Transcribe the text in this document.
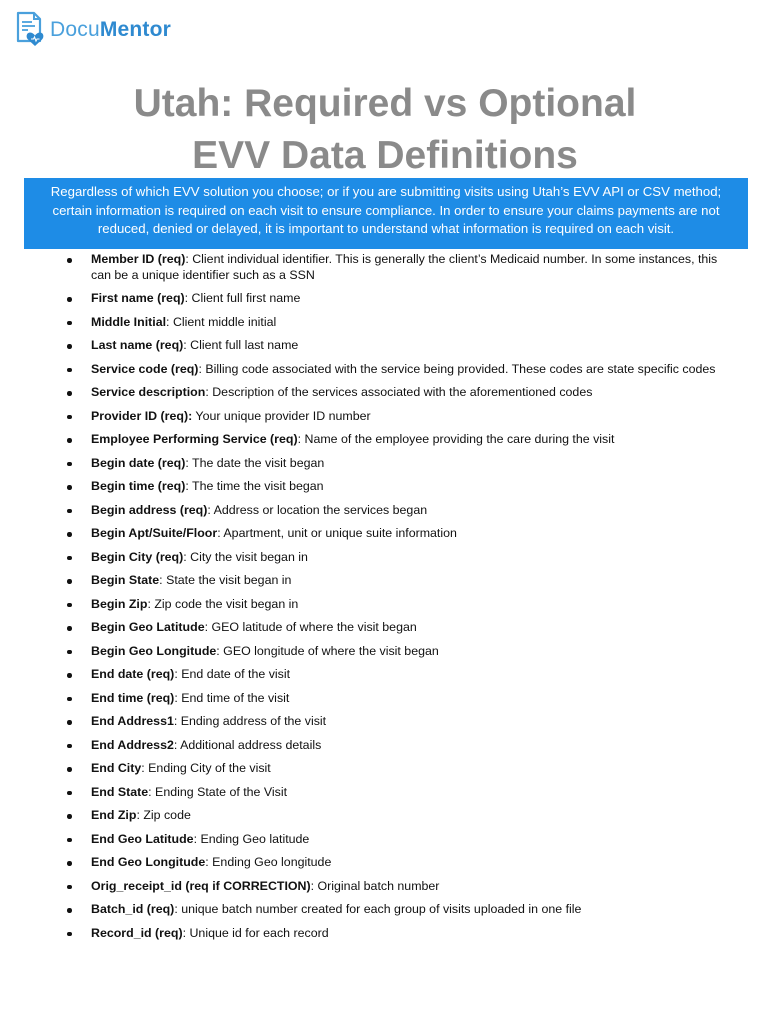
DocuMentor
Utah: Required vs Optional
EVV Data Definitions
Regardless of which EVV solution you choose; or if you are submitting visits using Utah’s EVV API or CSV method; certain information is required on each visit to ensure compliance. In order to ensure your claims payments are not reduced, denied or delayed, it is important to understand what information is required on each visit.
Member ID (req): Client individual identifier. This is generally the client’s Medicaid number. In some instances, this can be a unique identifier such as a SSN
First name (req): Client full first name
Middle Initial: Client middle initial
Last name (req): Client full last name
Service code (req): Billing code associated with the service being provided. These codes are state specific codes
Service description: Description of the services associated with the aforementioned codes
Provider ID (req): Your unique provider ID number
Employee Performing Service (req): Name of the employee providing the care during the visit
Begin date (req): The date the visit began
Begin time (req): The time the visit began
Begin address (req): Address or location the services began
Begin Apt/Suite/Floor: Apartment, unit or unique suite information
Begin City (req): City the visit began in
Begin State: State the visit began in
Begin Zip: Zip code the visit began in
Begin Geo Latitude: GEO latitude of where the visit began
Begin Geo Longitude: GEO longitude of where the visit began
End date (req): End date of the visit
End time (req): End time of the visit
End Address1: Ending address of the visit
End Address2: Additional address details
End City: Ending City of the visit
End State: Ending State of the Visit
End Zip: Zip code
End Geo Latitude: Ending Geo latitude
End Geo Longitude: Ending Geo longitude
Orig_receipt_id (req if CORRECTION): Original batch number
Batch_id (req): unique batch number created for each group of visits uploaded in one file
Record_id (req): Unique id for each record
